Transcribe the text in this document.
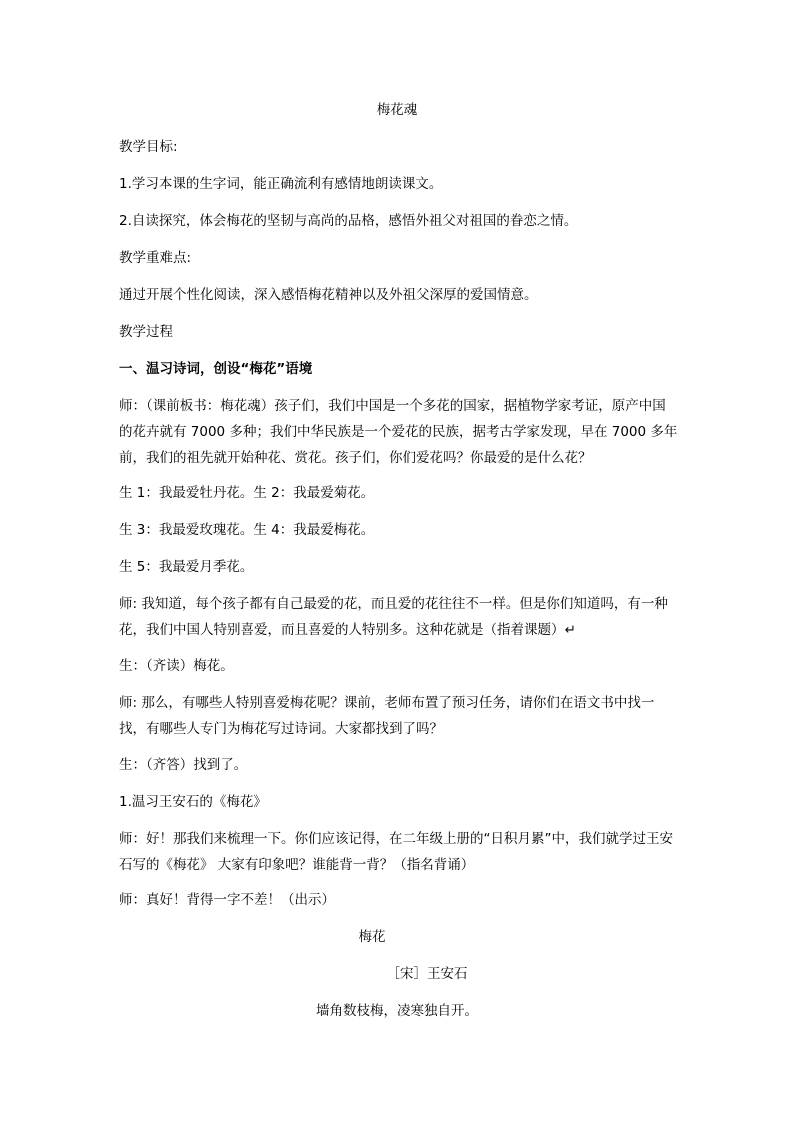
梅花魂
教学目标:
1.学习本课的生字词，能正确流利有感情地朗读课文。
2.自读探究，体会梅花的坚韧与高尚的品格，感悟外祖父对祖国的眷恋之情。
教学重难点:
通过开展个性化阅读，深入感悟梅花精神以及外祖父深厚的爱国情意。
教学过程
一、温习诗词，创设“梅花”语境
师：（课前板书：梅花魂）孩子们，我们中国是一个多花的国家，据植物学家考证，原产中国的花卉就有 7000 多种；我们中华民族是一个爱花的民族，据考古学家发现，早在 7000 多年前，我们的祖先就开始种花、赏花。孩子们，你们爱花吗？你最爱的是什么花？
生 1：我最爱牡丹花。生 2：我最爱菊花。
生 3：我最爱玫瑰花。生 4：我最爱梅花。
生 5：我最爱月季花。
师: 我知道，每个孩子都有自己最爱的花，而且爱的花往往不一样。但是你们知道吗，有一种花，我们中国人特别喜爱，而且喜爱的人特别多。这种花就是（指着课题）↵
生：（齐读）梅花。
师: 那么，有哪些人特别喜爱梅花呢？课前，老师布置了预习任务，请你们在语文书中找一找，有哪些人专门为梅花写过诗词。大家都找到了吗？
生：（齐答）找到了。
1.温习王安石的《梅花》
师：好！那我们来梳理一下。你们应该记得，在二年级上册的“日积月累”中，我们就学过王安石写的《梅花》 大家有印象吧？谁能背一背？（指名背诵）
师：真好！背得一字不差！（出示）
梅花
［宋］王安石
墙角数枝梅，凌寒独自开。
